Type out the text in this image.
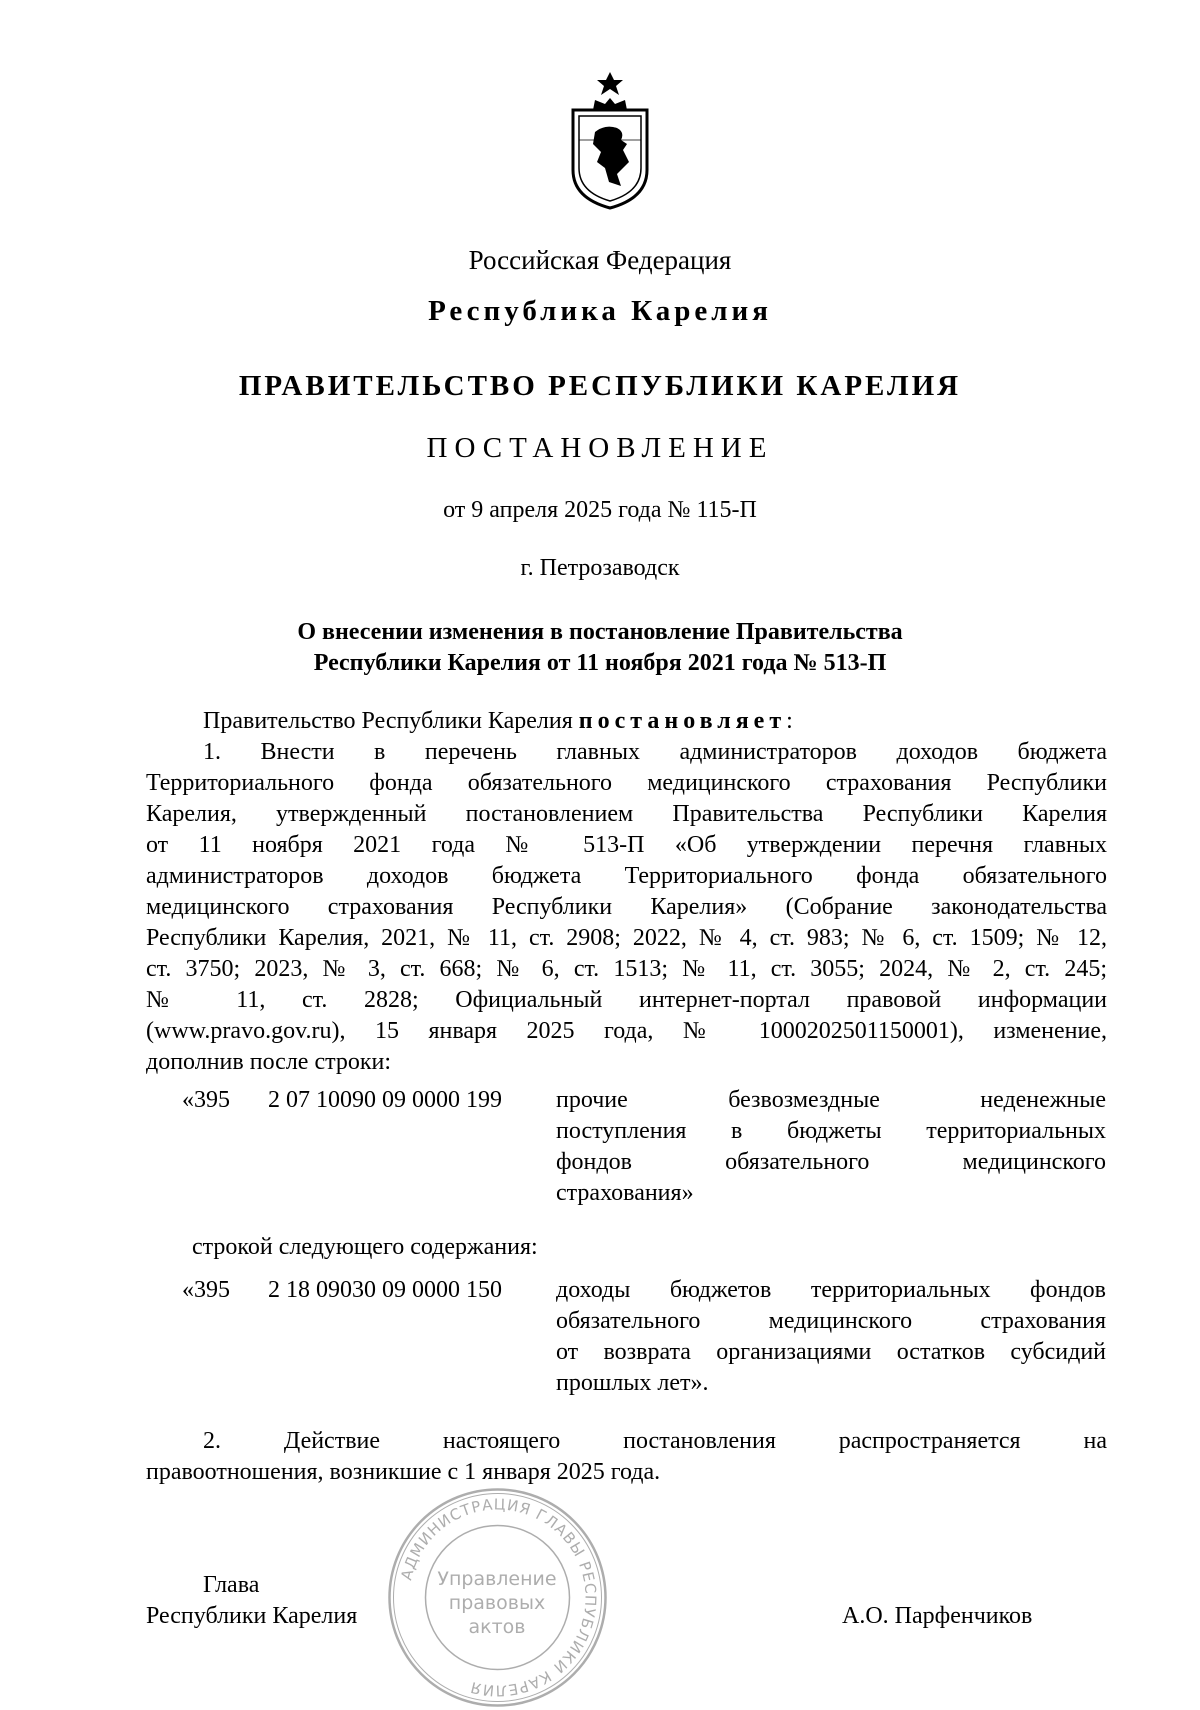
Российская Федерация
Республика Карелия
ПРАВИТЕЛЬСТВО РЕСПУБЛИКИ КАРЕЛИЯ
ПОСТАНОВЛЕНИЕ
от 9 апреля 2025 года № 115-П
г. Петрозаводск
О внесении изменения в постановление Правительства
Республики Карелия от 11 ноября 2021 года № 513-П
Правительство Республики Карелия постановляет:
1. Внести в перечень главных администраторов доходов бюджета
Территориального фонда обязательного медицинского страхования Республики
Карелия, утвержденный постановлением Правительства Республики Карелия
от 11 ноября 2021 года № 513-П «Об утверждении перечня главных
администраторов доходов бюджета Территориального фонда обязательного
медицинского страхования Республики Карелия» (Собрание законодательства
Республики Карелия, 2021, № 11, ст. 2908; 2022, № 4, ст. 983; № 6, ст. 1509; № 12,
ст. 3750; 2023, № 3, ст. 668; № 6, ст. 1513; № 11, ст. 3055; 2024, № 2, ст. 245;
№ 11, ст. 2828; Официальный интернет-портал правовой информации
(www.pravo.gov.ru), 15 января 2025 года, № 1000202501150001), изменение,
дополнив после строки:
«395 2 07 10090 09 0000 199 прочие безвозмездные неденежные
поступления в бюджеты территориальных
фондов обязательного медицинского
страхования»
строкой следующего содержания:
«395 2 18 09030 09 0000 150 доходы бюджетов территориальных фондов
обязательного медицинского страхования
от возврата организациями остатков субсидий
прошлых лет».
2. Действие настоящего постановления распространяется на
правоотношения, возникшие с 1 января 2025 года.
АДМИНИСТРАЦИЯ ГЛАВЫ РЕСПУБЛИКИ КАРЕЛИЯ
Управление
правовых
актов
Глава
Республики Карелия	А.О. Парфенчиков
